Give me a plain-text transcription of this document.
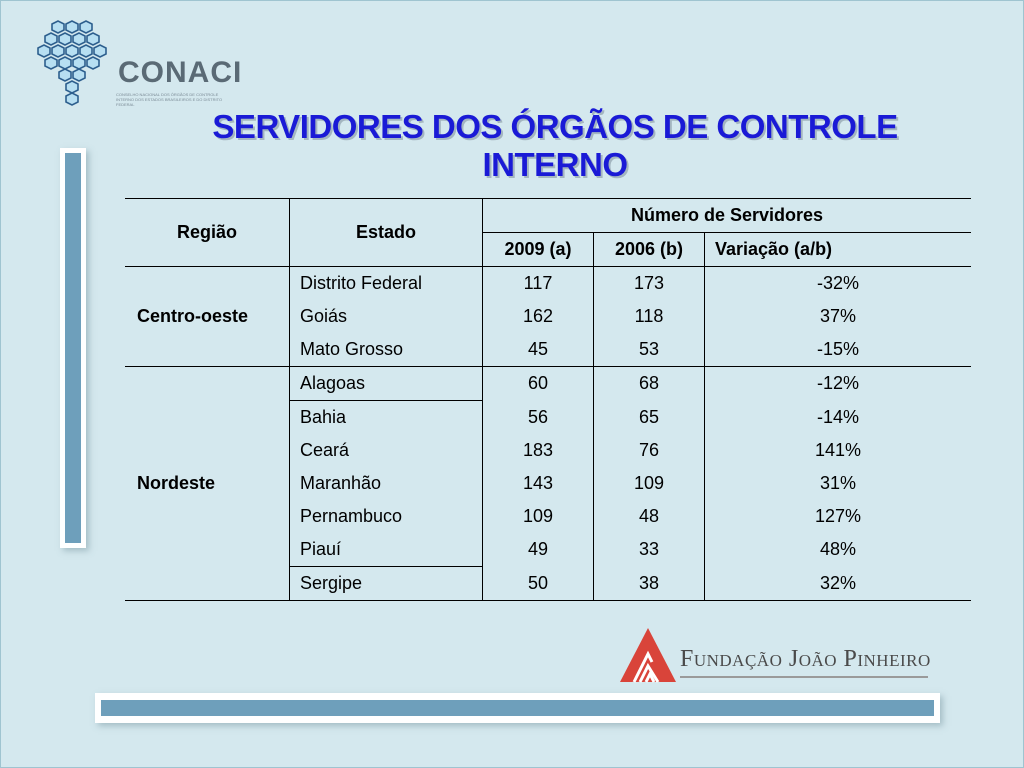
CONACI
CONSELHO NACIONAL DOS ÓRGÃOS DE CONTROLE INTERNO DOS ESTADOS BRASILEIROS E DO DISTRITO FEDERAL
SERVIDORES DOS ÓRGÃOS DE CONTROLE INTERNO
Região	Estado	Número de Servidores		
		2009 (a)	2006 (b)	Variação (a/b)
Centro-oeste	Distrito Federal	117	173	-32%
	Goiás	162	118	37%
	Mato Grosso	45	53	-15%
Nordeste	Alagoas	60	68	-12%
	Bahia	56	65	-14%
	Ceará	183	76	141%
	Maranhão	143	109	31%
	Pernambuco	109	48	127%
	Piauí	49	33	48%
	Sergipe	50	38	32%
Fundação João Pinheiro
